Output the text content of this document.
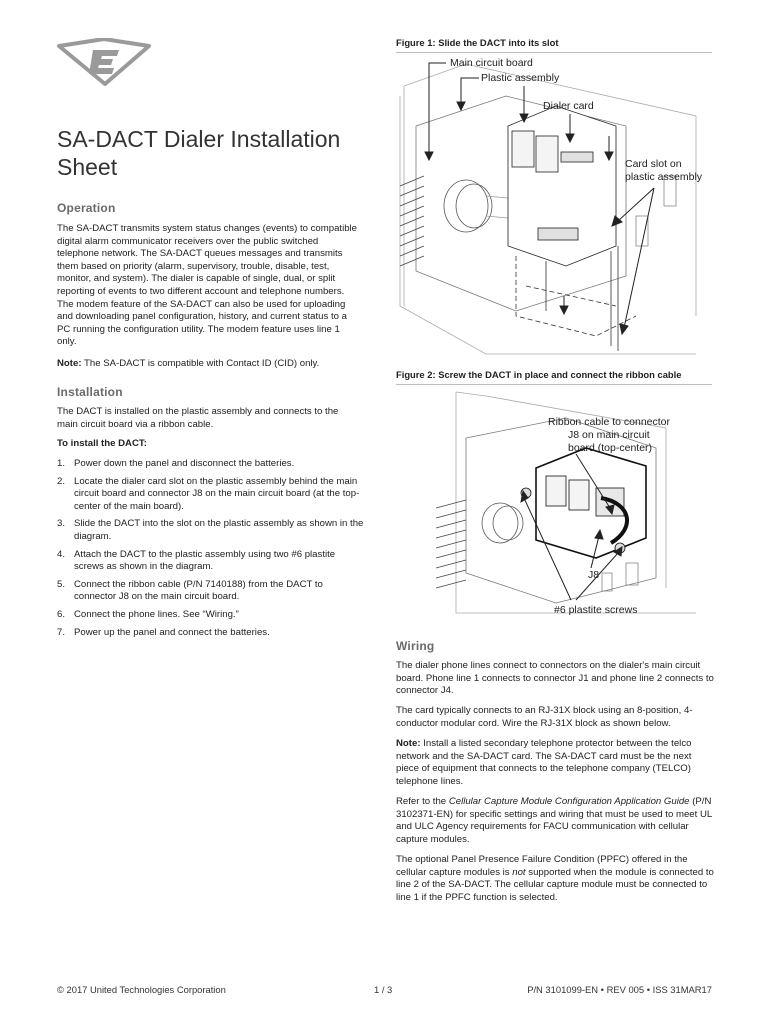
SA-DACT Dialer Installation Sheet
Operation
The SA-DACT transmits system status changes (events) to compatible digital alarm communicator receivers over the public switched telephone network. The SA-DACT queues messages and transmits them based on priority (alarm, supervisory, trouble, disable, test, monitor, and system). The dialer is capable of single, dual, or split reporting of events to two different account and telephone numbers. The modem feature of the SA-DACT can also be used for uploading and downloading panel configuration, history, and current status to a PC running the configuration utility. The modem feature uses line 1 only.
Note: The SA-DACT is compatible with Contact ID (CID) only.
Installation
The DACT is installed on the plastic assembly and connects to the main circuit board via a ribbon cable.
To install the DACT:
1. Power down the panel and disconnect the batteries.
2. Locate the dialer card slot on the plastic assembly behind the main circuit board and connector J8 on the main circuit board (at the top-center of the main board).
3. Slide the DACT into the slot on the plastic assembly as shown in the diagram.
4. Attach the DACT to the plastic assembly using two #6 plastite screws as shown in the diagram.
5. Connect the ribbon cable (P/N 7140188) from the DACT to connector J8 on the main circuit board.
6. Connect the phone lines. See “Wiring.”
7. Power up the panel and connect the batteries.
Figure 1: Slide the DACT into its slot
Main circuit board
Plastic assembly
Dialer card
Card slot on
plastic assembly
Figure 2: Screw the DACT in place and connect the ribbon cable
Ribbon cable to connector
J8 on main circuit
board (top-center)
J8
#6 plastite screws
Wiring
The dialer phone lines connect to connectors on the dialer's main circuit board. Phone line 1 connects to connector J1 and phone line 2 connects to connector J4.
The card typically connects to an RJ-31X block using an 8-position, 4-conductor modular cord. Wire the RJ-31X block as shown below.
Note: Install a listed secondary telephone protector between the telco network and the SA-DACT card. The SA-DACT card must be the next piece of equipment that connects to the telephone company (TELCO) telephone lines.
Refer to the Cellular Capture Module Configuration Application Guide (P/N 3102371-EN) for specific settings and wiring that must be used to meet UL and ULC Agency requirements for FACU communication with cellular capture modules.
The optional Panel Presence Failure Condition (PPFC) offered in the cellular capture modules is not supported when the module is connected to line 2 of the SA-DACT. The cellular capture module must be connected to line 1 if the PPFC function is selected.
© 2017 United Technologies Corporation	1 / 3	P/N 3101099-EN • REV 005 • ISS 31MAR17
